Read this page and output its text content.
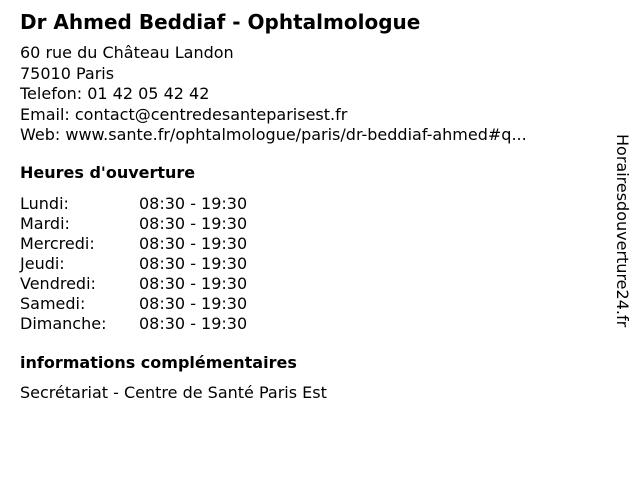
Dr Ahmed Beddiaf - Ophtalmologue
60 rue du Château Landon
75010 Paris
Telefon: 01 42 05 42 42
Email: contact@centredesanteparisest.fr
Web: www.sante.fr/ophtalmologue/paris/dr-beddiaf-ahmed#q...
Heures d'ouverture
Lundi:	08:30 - 19:30
Mardi:	08:30 - 19:30
Mercredi:	08:30 - 19:30
Jeudi:	08:30 - 19:30
Vendredi:	08:30 - 19:30
Samedi:	08:30 - 19:30
Dimanche: 08:30 - 19:30
informations complémentaires
Secrétariat - Centre de Santé Paris Est
Horairesdouverture24.fr
